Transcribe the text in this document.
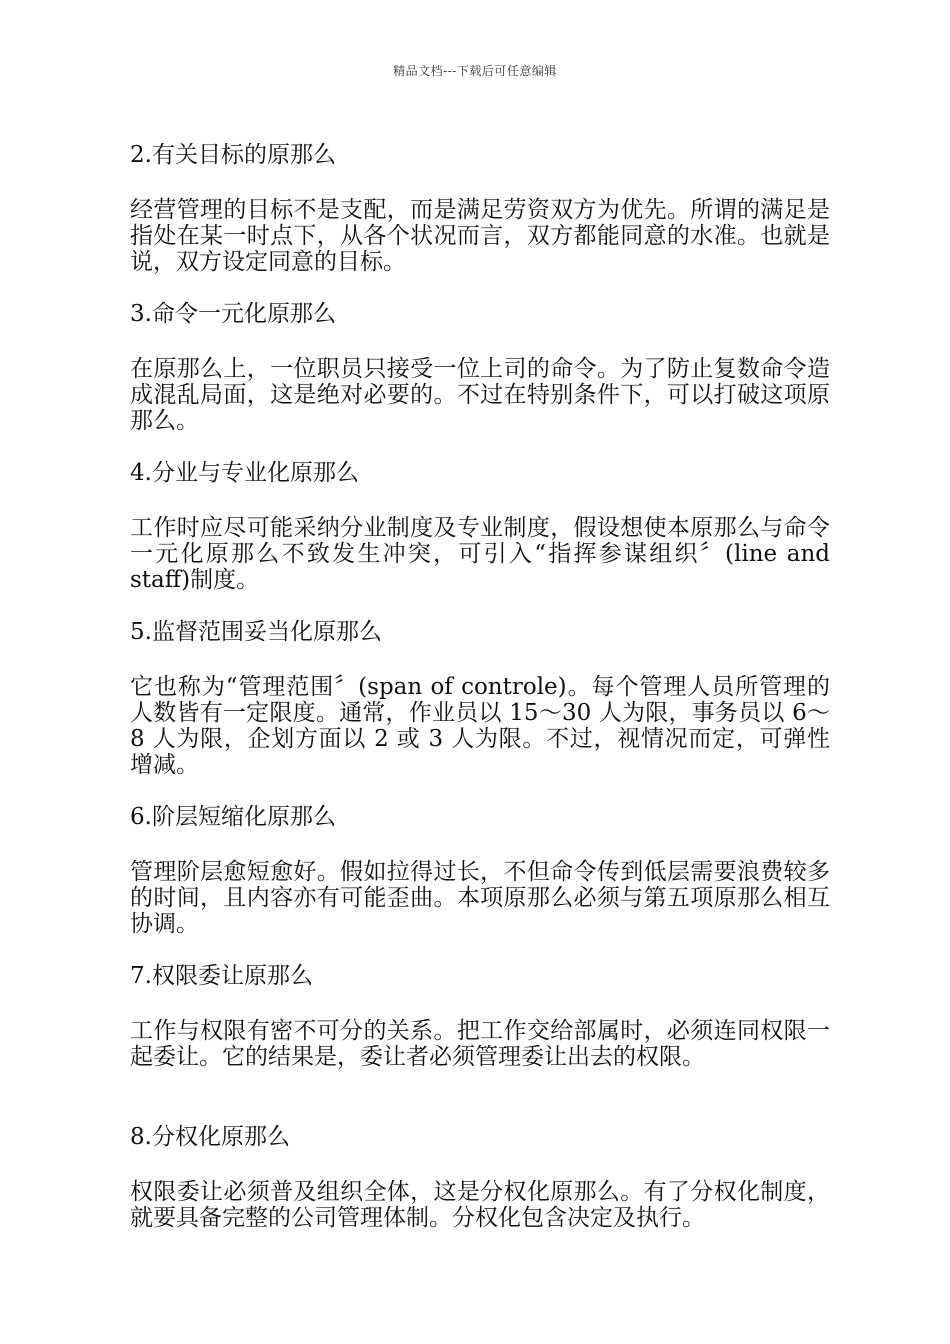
精品文档---下载后可任意编辑
2.有关目标的原那么

经营管理的目标不是支配，而是满足劳资双方为优先。所谓的满足是指处在某一时点下，从各个状况而言，双方都能同意的水准。也就是说，双方设定同意的目标。

3.命令一元化原那么

在原那么上，一位职员只接受一位上司的命令。为了防止复数命令造成混乱局面，这是绝对必要的。不过在特别条件下，可以打破这项原那么。

4.分业与专业化原那么

工作时应尽可能采纳分业制度及专业制度，假设想使本原那么与命令一元化原那么不致发生冲突，可引入“指挥参谋组织〞(line and staff)制度。

5.监督范围妥当化原那么

它也称为“管理范围〞(span of controle)。每个管理人员所管理的人数皆有一定限度。通常，作业员以 15～30 人为限，事务员以 6～8 人为限，企划方面以 2 或 3 人为限。不过，视情况而定，可弹性增减。

6.阶层短缩化原那么

管理阶层愈短愈好。假如拉得过长，不但命令传到低层需要浪费较多的时间，且内容亦有可能歪曲。本项原那么必须与第五项原那么相互协调。

7.权限委让原那么

工作与权限有密不可分的关系。把工作交给部属时，必须连同权限一起委让。它的结果是，委让者必须管理委让出去的权限。

8.分权化原那么

权限委让必须普及组织全体，这是分权化原那么。有了分权化制度，就要具备完整的公司管理体制。分权化包含决定及执行。
